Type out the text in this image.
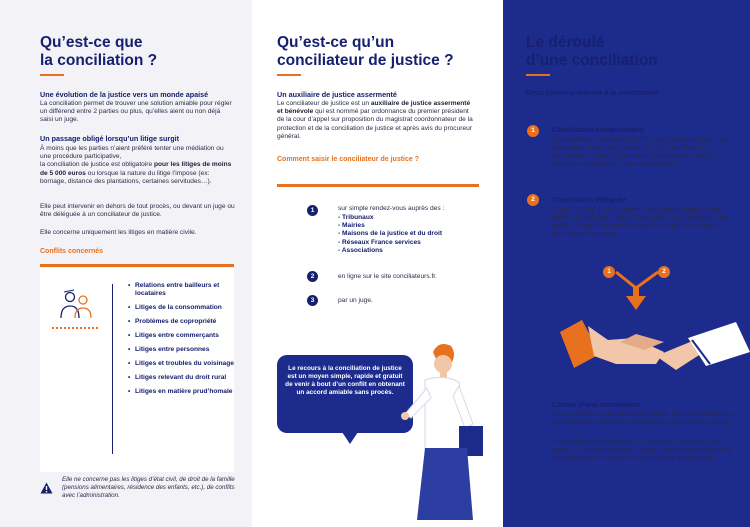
Qu’est-ce que
la conciliation ?
Une évolution de la justice vers un monde apaisé
La conciliation permet de trouver une solution amiable pour régler un différend entre 2 parties ou plus, qu’elles aient ou non déjà saisi un juge.
Un passage obligé lorsqu’un litige surgit
À moins que les parties n’aient préféré tenter une médiation ou une procédure participative,
la conciliation de justice est obligatoire pour les litiges de moins de 5 000 euros ou lorsque la nature du litige l’impose (ex: bornage, distance des plantations, certaines servitudes…).
Elle peut intervenir en dehors de tout procès, ou devant un juge ou être déléguée à un conciliateur de justice.
Elle concerne uniquement les litiges en matière civile.
Conflits concernés
• Relations entre bailleurs et locataires
• Litiges de la consommation
• Problèmes de copropriété
• Litiges entre commerçants
• Litiges entre personnes
• Litiges et troubles du voisinage
• Litiges relevant du droit rural
• Litiges en matière prud’homale
Elle ne concerne pas les litiges d’état civil, de droit de la famille (pensions alimentaires, résidence des enfants, etc.), de conflits avec l’administration.
Qu’est-ce qu’un
conciliateur de justice ?
Un auxiliaire de justice assermenté
Le conciliateur de justice est un auxiliaire de justice assermenté et bénévole qui est nommé par ordonnance du premier président de la cour d’appel sur proposition du magistrat coordonnateur de la protection et de la conciliation de justice et après avis du procureur général.
Comment saisir le conciliateur de justice ?
1	sur simple rendez-vous auprès des :
- Tribunaux
- Mairies
- Maisons de la justice et du droit
- Réseaux France services
- Associations
2	en ligne sur le site conciliateurs.fr.
3	par un juge.
Le recours à la conciliation de justice est un moyen simple, rapide et gratuit de venir à bout d’un conflit en obtenant un accord amiable sans procès.
Le déroulé
d’une conciliation
Deux chemins mènent à la conciliation
1	Conciliation extrajudiciaire
Le conciliateur de justice peut être saisi directement par l’une des parties ou par les deux parties. En cas d’échec, le conciliateur informe les parties qu’elles peuvent saisir la juridiction compétente si elles le souhaitent.
2	Conciliation déléguée
À tout moment de la procédure, le juge peut proposer aux parties de tenter de régler le litige grâce à un conciliateur de justice. Si aucun accord n’est trouvé, les parties reviennent alors devant le tribunal.
1	2
L’issue d’une conciliation
En cas d’échec et de saisine du tribunal, aucune information sur la tentative de conciliation ne peut être communiquée au juge.
Si un compromis est trouvé, le conciliateur de justice peut rédiger un constat d’accord. Le juge peut alors homologuer la conciliation afin de donner à l’accord force de jugement.
